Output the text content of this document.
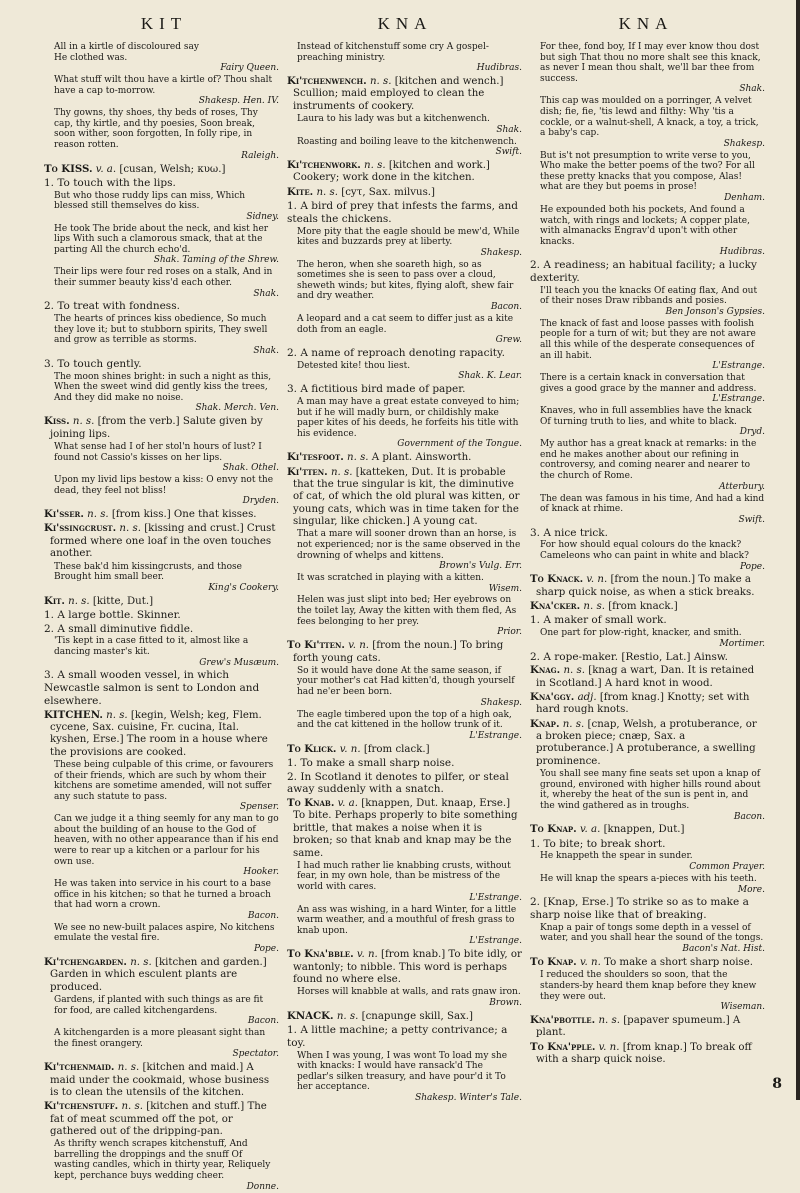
KIT	KNA	KNA

All in a kirtle of discoloured say

He clothed was.

Fairy Queen.

What stuff wilt thou have a kirtle of? Thou shalt have a cap to-morrow.

Shakesp. Hen. IV.

Thy gowns, thy shoes, thy beds of roses, Thy cap, thy kirtle, and thy poesies, Soon break, soon wither, soon forgotten, In folly ripe, in reason rotten.

Raleigh.

To KISS. v. a. [cusan, Welsh; κυω.]

1. To touch with the lips.

But who those ruddy lips can miss, Which blessed still themselves do kiss.

Sidney.

He took The bride about the neck, and kist her lips With such a clamorous smack, that at the parting All the church echo'd.

Shak. Taming of the Shrew.

Their lips were four red roses on a stalk, And in their summer beauty kiss'd each other.

Shak.

2. To treat with fondness.

The hearts of princes kiss obedience, So much they love it; but to stubborn spirits, They swell and grow as terrible as storms.

Shak.

3. To touch gently.

The moon shines bright: in such a night as this, When the sweet wind did gently kiss the trees, And they did make no noise.

Shak. Merch. Ven.

Kiss. n. s. [from the verb.] Salute given by joining lips.

What sense had I of her stol'n hours of lust? I found not Cassio's kisses on her lips.

Shak. Othel.

Upon my livid lips bestow a kiss: O envy not the dead, they feel not bliss!

Dryden.

Ki'sser. n. s. [from kiss.] One that kisses.

Ki'ssingcrust. n. s. [kissing and crust.] Crust formed where one loaf in the oven touches another.

These bak'd him kissingcrusts, and those Brought him small beer.

King's Cookery.

Kit. n. s. [kitte, Dut.]

1. A large bottle. Skinner.

2. A small diminutive fiddle.

'Tis kept in a case fitted to it, almost like a dancing master's kit.

Grew's Musæum.

3. A small wooden vessel, in which Newcastle salmon is sent to London and elsewhere.

KITCHEN. n. s. [kegin, Welsh; keg, Flem. cycene, Sax. cuisine, Fr. cucina, Ital. kyshen, Erse.] The room in a house where the provisions are cooked.

These being culpable of this crime, or favourers of their friends, which are such by whom their kitchens are sometime amended, will not suffer any such statute to pass.

Spenser.

Can we judge it a thing seemly for any man to go about the building of an house to the God of heaven, with no other appearance than if his end were to rear up a kitchen or a parlour for his own use.

Hooker.

He was taken into service in his court to a base office in his kitchen; so that he turned a broach that had worn a crown.

Bacon.

We see no new-built palaces aspire, No kitchens emulate the vestal fire.

Pope.

Ki'tchengarden. n. s. [kitchen and garden.] Garden in which esculent plants are produced.

Gardens, if planted with such things as are fit for food, are called kitchengardens.

Bacon.

A kitchengarden is a more pleasant sight than the finest orangery.

Spectator.

Ki'tchenmaid. n. s. [kitchen and maid.] A maid under the cookmaid, whose business is to clean the utensils of the kitchen.

Ki'tchenstuff. n. s. [kitchen and stuff.] The fat of meat scummed off the pot, or gathered out of the dripping-pan.

As thrifty wench scrapes kitchenstuff, And barrelling the droppings and the snuff Of wasting candles, which in thirty year, Reliquely kept, perchance buys wedding cheer.

Donne.

Instead of kitchenstuff some cry A gospel-preaching ministry.

Hudibras.

Ki'tchenwench. n. s. [kitchen and wench.] Scullion; maid employed to clean the instruments of cookery.

Laura to his lady was but a kitchenwench.

Shak.

Roasting and boiling leave to the kitchenwench.

Swift.

Ki'tchenwork. n. s. [kitchen and work.] Cookery; work done in the kitchen.

Kite. n. s. [cyτ, Sax. milvus.]

1. A bird of prey that infests the farms, and steals the chickens.

More pity that the eagle should be mew'd, While kites and buzzards prey at liberty.

Shakesp.

The heron, when she soareth high, so as sometimes she is seen to pass over a cloud, sheweth winds; but kites, flying aloft, shew fair and dry weather.

Bacon.

A leopard and a cat seem to differ just as a kite doth from an eagle.

Grew.

2. A name of reproach denoting rapacity.

Detested kite! thou liest.

Shak. K. Lear.

3. A fictitious bird made of paper.

A man may have a great estate conveyed to him; but if he will madly burn, or childishly make paper kites of his deeds, he forfeits his title with his evidence.

Government of the Tongue.

Ki'tesfoot. n. s. A plant. Ainsworth.

Ki'tten. n. s. [katteken, Dut. It is probable that the true singular is kit, the diminutive of cat, of which the old plural was kitten, or young cats, which was in time taken for the singular, like chicken.] A young cat.

That a mare will sooner drown than an horse, is not experienced; nor is the same observed in the drowning of whelps and kittens.

Brown's Vulg. Err.

It was scratched in playing with a kitten.

Wisem.

Helen was just slipt into bed; Her eyebrows on the toilet lay, Away the kitten with them fled, As fees belonging to her prey.

Prior.

To Ki'tten. v. n. [from the noun.] To bring forth young cats.

So it would have done At the same season, if your mother's cat Had kitten'd, though yourself had ne'er been born.

Shakesp.

The eagle timbered upon the top of a high oak, and the cat kittened in the hollow trunk of it.

L'Estrange.

To Klick. v. n. [from clack.]

1. To make a small sharp noise.

2. In Scotland it denotes to pilfer, or steal away suddenly with a snatch.

To Knab. v. a. [knappen, Dut. knaap, Erse.] To bite. Perhaps properly to bite something brittle, that makes a noise when it is broken; so that knab and knap may be the same.

I had much rather lie knabbing crusts, without fear, in my own hole, than be mistress of the world with cares.

L'Estrange.

An ass was wishing, in a hard Winter, for a little warm weather, and a mouthful of fresh grass to knab upon.

L'Estrange.

To Kna'bble. v. n. [from knab.] To bite idly, or wantonly; to nibble. This word is perhaps found no where else.

Horses will knabble at walls, and rats gnaw iron.

Brown.

KNACK. n. s. [cnapunge skill, Sax.]

1. A little machine; a petty contrivance; a toy.

When I was young, I was wont To load my she with knacks: I would have ransack'd The pedlar's silken treasury, and have pour'd it To her acceptance.

Shakesp. Winter's Tale.

For thee, fond boy, If I may ever know thou dost but sigh That thou no more shalt see this knack, as never I mean thou shalt, we'll bar thee from success.

Shak.

This cap was moulded on a porringer, A velvet dish; fie, fie, 'tis lewd and filthy: Why 'tis a cockle, or a walnut-shell, A knack, a toy, a trick, a baby's cap.

Shakesp.

But is't not presumption to write verse to you, Who make the better poems of the two? For all these pretty knacks that you compose, Alas! what are they but poems in prose!

Denham.

He expounded both his pockets, And found a watch, with rings and lockets; A copper plate, with almanacks Engrav'd upon't with other knacks.

Hudibras.

2. A readiness; an habitual facility; a lucky dexterity.

I'll teach you the knacks Of eating flax, And out of their noses Draw ribbands and posies.

Ben Jonson's Gypsies.

The knack of fast and loose passes with foolish people for a turn of wit; but they are not aware all this while of the desperate consequences of an ill habit.

L'Estrange.

There is a certain knack in conversation that gives a good grace by the manner and address.

L'Estrange.

Knaves, who in full assemblies have the knack Of turning truth to lies, and white to black.

Dryd.

My author has a great knack at remarks: in the end he makes another about our refining in controversy, and coming nearer and nearer to the church of Rome.

Atterbury.

The dean was famous in his time, And had a kind of knack at rhime.

Swift.

3. A nice trick.

For how should equal colours do the knack? Cameleons who can paint in white and black?

Pope.

To Knack. v. n. [from the noun.] To make a sharp quick noise, as when a stick breaks.

Kna'cker. n. s. [from knack.]

1. A maker of small work.

One part for plow-right, knacker, and smith.

Mortimer.

2. A rope-maker. [Restio, Lat.] Ainsw.

Knag. n. s. [knag a wart, Dan. It is retained in Scotland.] A hard knot in wood.

Kna'ggy. adj. [from knag.] Knotty; set with hard rough knots.

Knap. n. s. [cnap, Welsh, a protuberance, or a broken piece; cnæp, Sax. a protuberance.] A protuberance, a swelling prominence.

You shall see many fine seats set upon a knap of ground, environed with higher hills round about it, whereby the heat of the sun is pent in, and the wind gathered as in troughs.

Bacon.

To Knap. v. a. [knappen, Dut.]

1. To bite; to break short.

He knappeth the spear in sunder.

Common Prayer.

He will knap the spears a-pieces with his teeth.

More.

2. [Knap, Erse.] To strike so as to make a sharp noise like that of breaking.

Knap a pair of tongs some depth in a vessel of water, and you shall hear the sound of the tongs.

Bacon's Nat. Hist.

To Knap. v. n. To make a short sharp noise.

I reduced the shoulders so soon, that the standers-by heard them knap before they knew they were out.

Wiseman.

Kna'pbottle. n. s. [papaver spumeum.] A plant.

To Kna'pple. v. n. [from knap.] To break off with a sharp quick noise.

8
